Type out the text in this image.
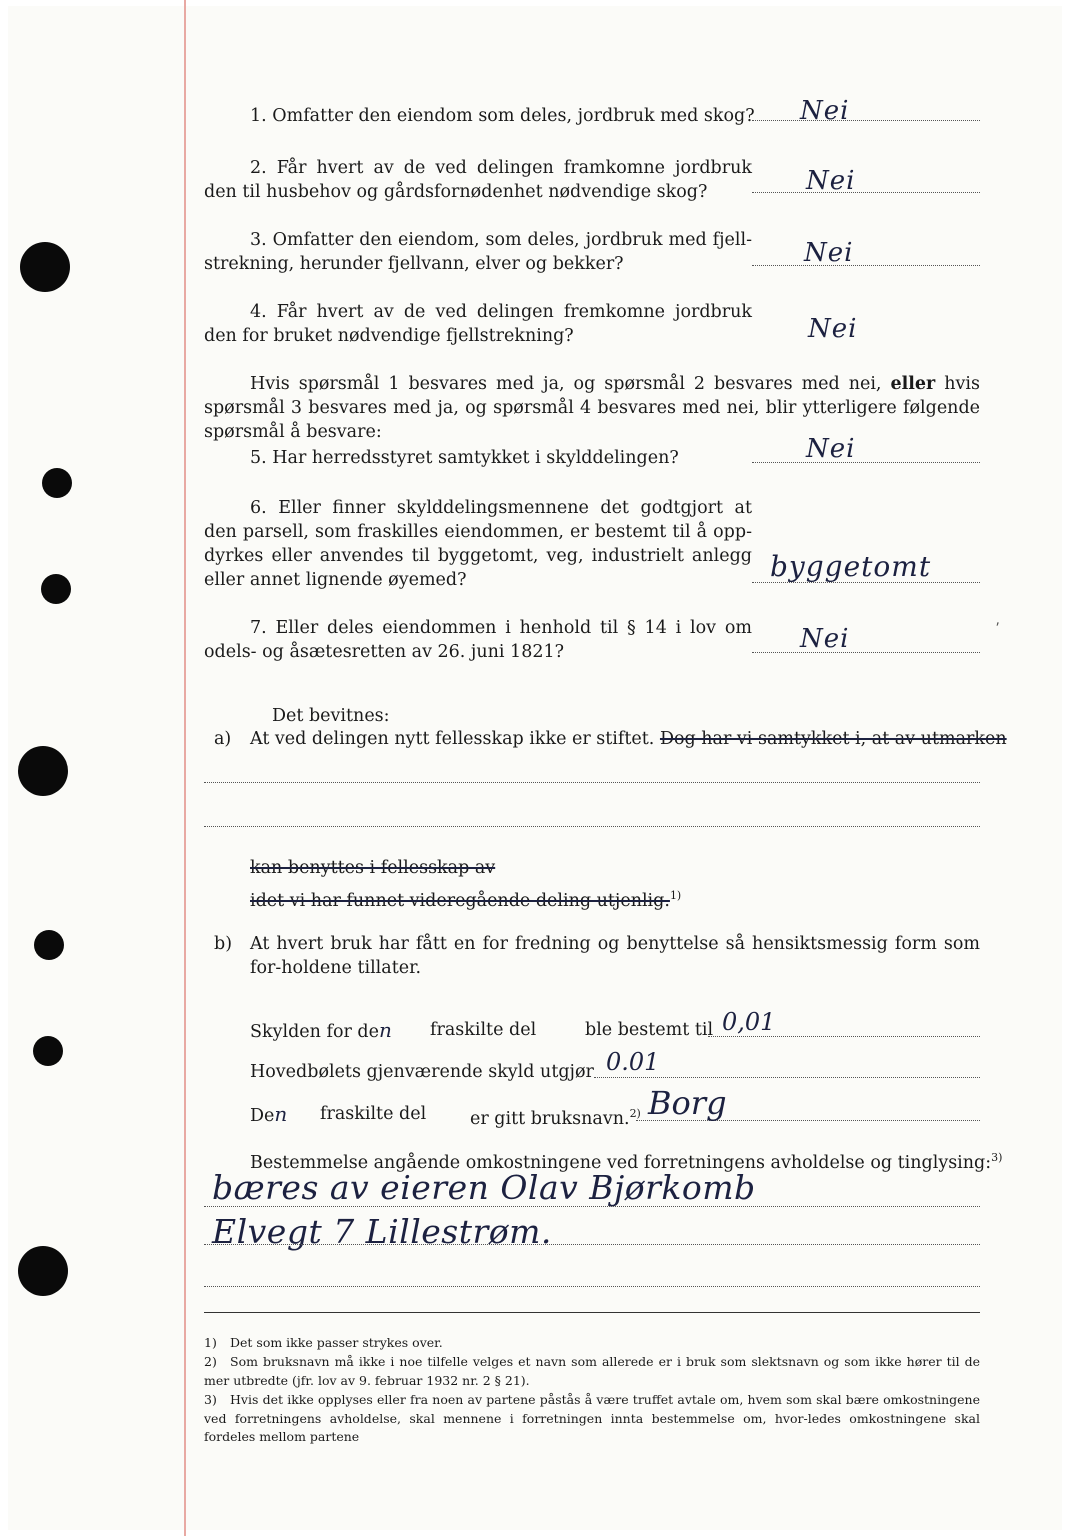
1. Omfatter den eiendom som deles, jordbruk med skog? Nei
2. Får hvert av de ved delingen framkomne jordbruk den til husbehov og gårdsfornødenhet nødvendige skog?	Nei
3. Omfatter den eiendom, som deles, jordbruk med fjell-strekning, herunder fjellvann, elver og bekker?	Nei
4. Får hvert av de ved delingen fremkomne jordbruk den for bruket nødvendige fjellstrekning?	Nei
Hvis spørsmål 1 besvares med ja, og spørsmål 2 besvares med nei, eller hvis spørsmål 3 besvares med ja, og spørsmål 4 besvares med nei, blir ytterligere følgende spørsmål å besvare:
5. Har herredsstyret samtykket i skylddelingen?	Nei
6. Eller finner skylddelingsmennene det godtgjort at den parsell, som fraskilles eiendommen, er bestemt til å opp-dyrkes eller anvendes til byggetomt, veg, industrielt anlegg eller annet lignende øyemed?	byggetomt
7. Eller deles eiendommen i henhold til § 14 i lov om odels- og åsætesretten av 26. juni 1821?	Nei
⸴
Det bevitnes:
a) At ved delingen nytt fellesskap ikke er stiftet. Dog har vi samtykket i, at av utmarken
kan benyttes i fellesskap av
idet vi har funnet videregående deling utjenlig.$^{1)}$
b) At hvert bruk har fått en for fredning og benyttelse så hensiktsmessig form som for-holdene tillater.
Skylden for den fraskilte del	ble bestemt til 0,01
Hovedbølets gjenværende skyld utgjør 0.01
Den fraskilte del	er gitt bruksnavn.$^{2)}$ Borg
Bestemmelse angående omkostningene ved forretningens avholdelse og tinglysing:$^{3)}$
bæres av eieren Olav Bjørkomb
Elvegt 7 Lillestrøm.
1) Det som ikke passer strykes over.
2) Som bruksnavn må ikke i noe tilfelle velges et navn som allerede er i bruk som slektsnavn og som ikke hører til de mer utbredte (jfr. lov av 9. februar 1932 nr. 2 § 21).
3) Hvis det ikke opplyses eller fra noen av partene påstås å være truffet avtale om, hvem som skal bære omkostningene ved forretningens avholdelse, skal mennene i forretningen innta bestemmelse om, hvor-ledes omkostningene skal fordeles mellom partene
